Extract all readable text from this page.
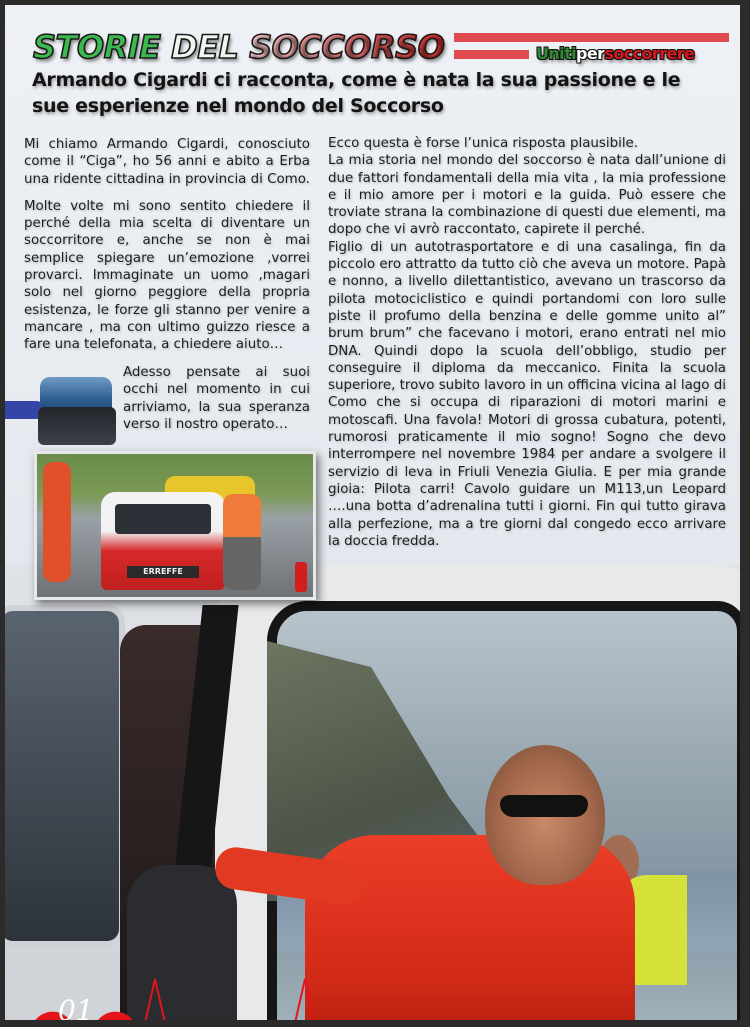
01
STORIE DEL SOCCORSO	Unitipersoccorrere
Armando Cigardi ci racconta, come è nata la sua passione e le sue esperienze nel mondo del Soccorso

Mi chiamo Armando Cigardi, conosciuto come il “Ciga”, ho 56 anni e abito a Erba una ridente cittadina in provincia di Como.

Molte volte mi sono sentito chiedere il perché della mia scelta di diventare un soccorritore e, anche se non è mai semplice spiegare un’emozione ,vorrei provarci. Immaginate un uomo ,magari solo nel giorno peggiore della propria esistenza, le forze gli stanno per venire a mancare , ma con ultimo guizzo riesce a fare una telefonata, a chiedere aiuto…

Adesso pensate ai suoi occhi nel momento in cui arriviamo, la sua speranza verso il nostro operato…

ERREFFE

Ecco questa è forse l’unica risposta plausibile.

La mia storia nel mondo del soccorso è nata dall’unione di due fattori fondamentali della mia vita , la mia professione e il mio amore per i motori e la guida. Può essere che troviate strana la combinazione di questi due elementi, ma dopo che vi avrò raccontato, capirete il perché.

Figlio di un autotrasportatore e di una casalinga, fin da piccolo ero attratto da tutto ciò che aveva un motore. Papà e nonno, a livello dilettantistico, avevano un trascorso da pilota motociclistico e quindi portandomi con loro sulle piste il profumo della benzina e delle gomme unito al” brum brum” che facevano i motori, erano entrati nel mio DNA. Quindi dopo la scuola dell’obbligo, studio per conseguire il diploma da meccanico. Finita la scuola superiore, trovo subito lavoro in un officina vicina al lago di Como che si occupa di riparazioni di motori marini e motoscafi. Una favola! Motori di grossa cubatura, potenti, rumorosi praticamente il mio sogno! Sogno che devo interrompere nel novembre 1984 per andare a svolgere il servizio di leva in Friuli Venezia Giulia. E per mia grande gioia: Pilota carri! Cavolo guidare un M113,un Leopard ….una botta d’adrenalina tutti i giorni. Fin qui tutto girava alla perfezione, ma a tre giorni dal congedo ecco arrivare la doccia fredda.
